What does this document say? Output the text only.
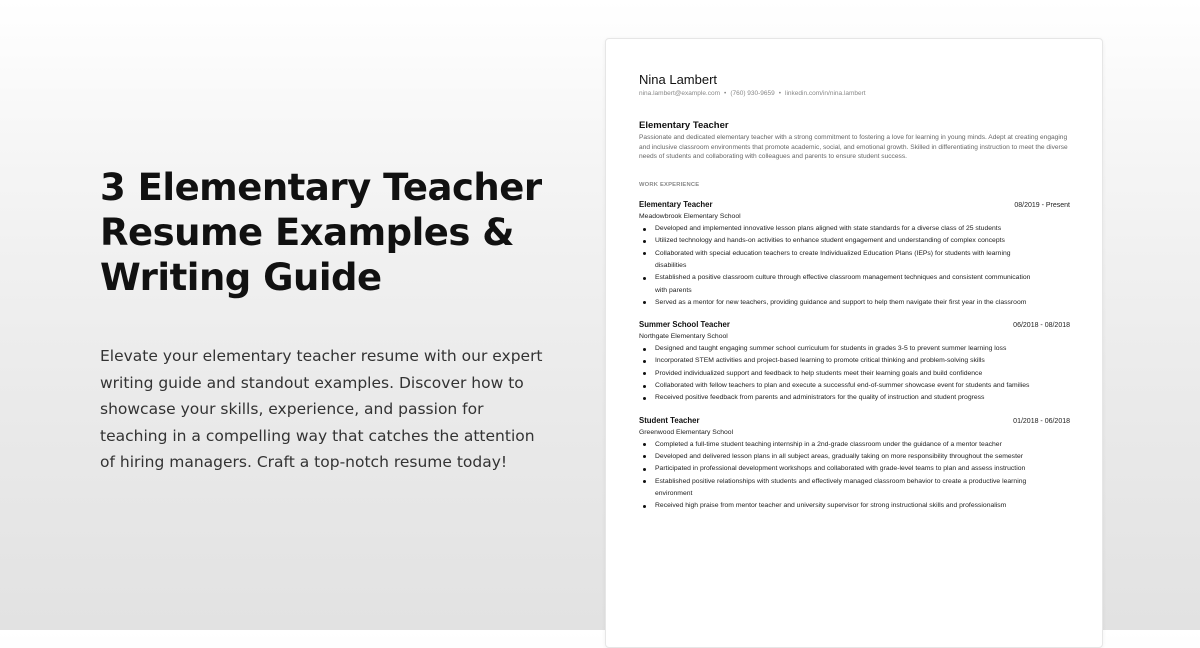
3 Elementary Teacher Resume Examples & Writing Guide

Elevate your elementary teacher resume with our expert writing guide and standout examples. Discover how to showcase your skills, experience, and passion for teaching in a compelling way that catches the attention of hiring managers. Craft a top-notch resume today!

Nina Lambert
nina.lambert@example.com • (760) 930-9659 • linkedin.com/in/nina.lambert
Elementary Teacher
Passionate and dedicated elementary teacher with a strong commitment to fostering a love for learning in young minds. Adept at creating engaging and inclusive classroom environments that promote academic, social, and emotional growth. Skilled in differentiating instruction to meet the diverse needs of students and collaborating with colleagues and parents to ensure student success.
WORK EXPERIENCE
Elementary Teacher	08/2019 - Present
Meadowbrook Elementary School
Developed and implemented innovative lesson plans aligned with state standards for a diverse class of 25 students
Utilized technology and hands-on activities to enhance student engagement and understanding of complex concepts
Collaborated with special education teachers to create Individualized Education Plans (IEPs) for students with learning disabilities
Established a positive classroom culture through effective classroom management techniques and consistent communication with parents
Served as a mentor for new teachers, providing guidance and support to help them navigate their first year in the classroom
Summer School Teacher	06/2018 - 08/2018
Northgate Elementary School
Designed and taught engaging summer school curriculum for students in grades 3-5 to prevent summer learning loss
Incorporated STEM activities and project-based learning to promote critical thinking and problem-solving skills
Provided individualized support and feedback to help students meet their learning goals and build confidence
Collaborated with fellow teachers to plan and execute a successful end-of-summer showcase event for students and families
Received positive feedback from parents and administrators for the quality of instruction and student progress
Student Teacher	01/2018 - 06/2018
Greenwood Elementary School
Completed a full-time student teaching internship in a 2nd-grade classroom under the guidance of a mentor teacher
Developed and delivered lesson plans in all subject areas, gradually taking on more responsibility throughout the semester
Participated in professional development workshops and collaborated with grade-level teams to plan and assess instruction
Established positive relationships with students and effectively managed classroom behavior to create a productive learning environment
Received high praise from mentor teacher and university supervisor for strong instructional skills and professionalism
